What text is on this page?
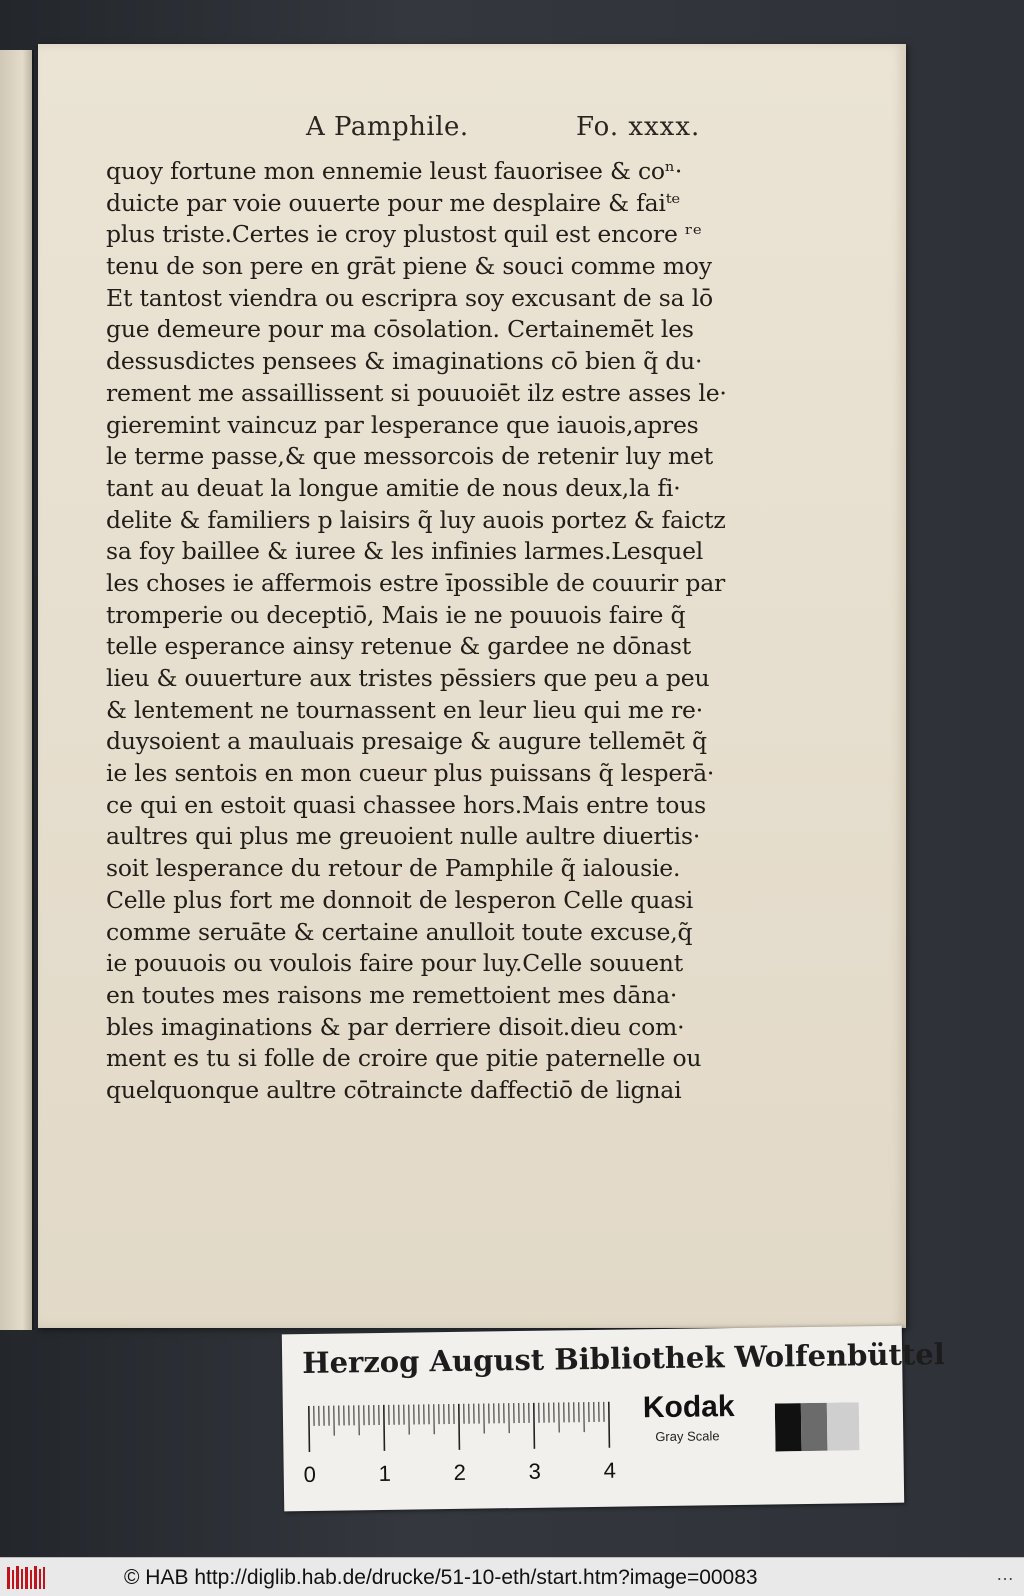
A Pamphile.	Fo. xxxx.
quoy fortune mon ennemie leust fauorisee & coⁿ·
duicte par voie ouuerte pour me desplaire & faiᵗᵉ
plus triste.Certes ie croy plustost quil est encore ʳᵉ
tenu de son pere en grāt piene & souci comme moy
Et tantost viendra ou escripra soy excusant de sa lō
gue demeure pour ma cōsolation. Certainemēt les
dessusdictes pensees & imaginations cō bien q̃ du·
rement me assaillissent si pouuoiēt ilz estre asses le·
gieremint vaincuz par lesperance que iauois,apres
le terme passe,& que messorcois de retenir luy met
tant au deuat la longue amitie de nous deux,la fi·
delite & familiers p laisirs q̃ luy auois portez & faictz
sa foy baillee & iuree & les infinies larmes.Lesquel
les choses ie affermois estre īpossible de couurir par
tromperie ou deceptiō, Mais ie ne pouuois faire q̃
telle esperance ainsy retenue & gardee ne dōnast
lieu & ouuerture aux tristes pēssiers que peu a peu
& lentement ne tournassent en leur lieu qui me re·
duysoient a mauluais presaige & augure tellemēt q̃
ie les sentois en mon cueur plus puissans q̃ lesperā·
ce qui en estoit quasi chassee hors.Mais entre tous
aultres qui plus me greuoient nulle aultre diuertis·
soit lesperance du retour de Pamphile q̃ ialousie.
Celle plus fort me donnoit de lesperon Celle quasi
comme seruāte & certaine anulloit toute excuse,q̃
ie pouuois ou voulois faire pour luy.Celle souuent
en toutes mes raisons me remettoient mes dāna·
bles imaginations & par derriere disoit.dieu com·
ment es tu si folle de croire que pitie paternelle ou
quelquonque aultre cōtraincte daffectiō de lignai
Herzog August Bibliothek Wolfenbüttel
0	1	2	3	4
Kodak
Gray Scale
© HAB http://diglib.hab.de/drucke/51-10-eth/start.htm?image=00083	…
